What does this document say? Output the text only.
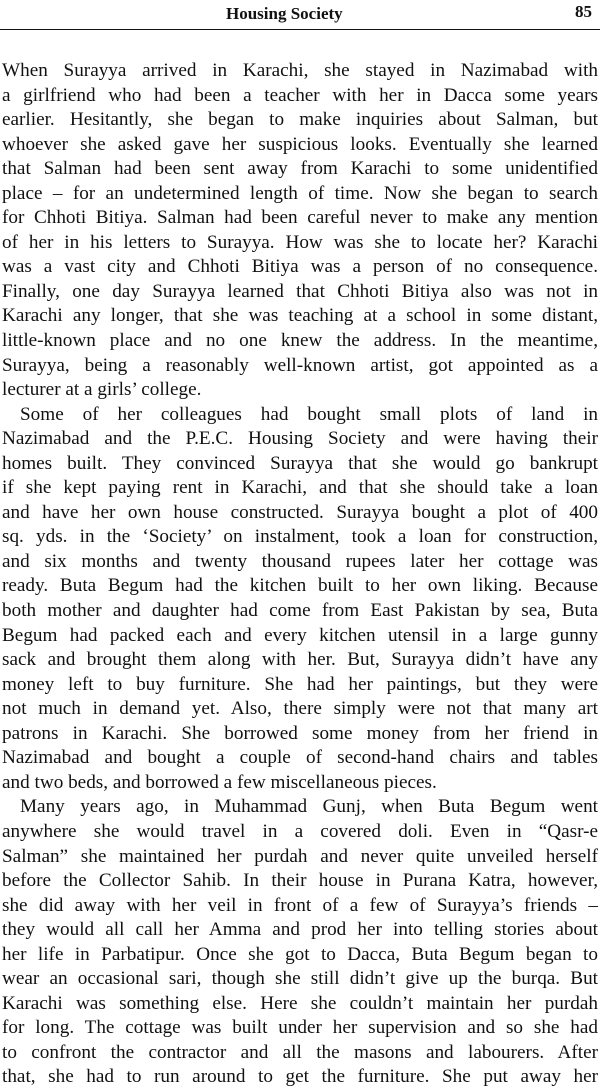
Housing Society	85
When Surayya arrived in Karachi, she stayed in Nazimabad with
a girlfriend who had been a teacher with her in Dacca some years
earlier. Hesitantly, she began to make inquiries about Salman, but
whoever she asked gave her suspicious looks. Eventually she learned
that Salman had been sent away from Karachi to some unidentified
place – for an undetermined length of time. Now she began to search
for Chhoti Bitiya. Salman had been careful never to make any mention
of her in his letters to Surayya. How was she to locate her? Karachi
was a vast city and Chhoti Bitiya was a person of no consequence.
Finally, one day Surayya learned that Chhoti Bitiya also was not in
Karachi any longer, that she was teaching at a school in some distant,
little-known place and no one knew the address. In the meantime,
Surayya, being a reasonably well-known artist, got appointed as a
lecturer at a girls’ college.
Some of her colleagues had bought small plots of land in
Nazimabad and the P.E.C. Housing Society and were having their
homes built. They convinced Surayya that she would go bankrupt
if she kept paying rent in Karachi, and that she should take a loan
and have her own house constructed. Surayya bought a plot of 400
sq. yds. in the ‘Society’ on instalment, took a loan for construction,
and six months and twenty thousand rupees later her cottage was
ready. Buta Begum had the kitchen built to her own liking. Because
both mother and daughter had come from East Pakistan by sea, Buta
Begum had packed each and every kitchen utensil in a large gunny
sack and brought them along with her. But, Surayya didn’t have any
money left to buy furniture. She had her paintings, but they were
not much in demand yet. Also, there simply were not that many art
patrons in Karachi. She borrowed some money from her friend in
Nazimabad and bought a couple of second-hand chairs and tables
and two beds, and borrowed a few miscellaneous pieces.
Many years ago, in Muhammad Gunj, when Buta Begum went
anywhere she would travel in a covered doli. Even in “Qasr-e
Salman” she maintained her purdah and never quite unveiled herself
before the Collector Sahib. In their house in Purana Katra, however,
she did away with her veil in front of a few of Surayya’s friends –
they would all call her Amma and prod her into telling stories about
her life in Parbatipur. Once she got to Dacca, Buta Begum began to
wear an occasional sari, though she still didn’t give up the burqa. But
Karachi was something else. Here she couldn’t maintain her purdah
for long. The cottage was built under her supervision and so she had
to confront the contractor and all the masons and labourers. After
that, she had to run around to get the furniture. She put away her
